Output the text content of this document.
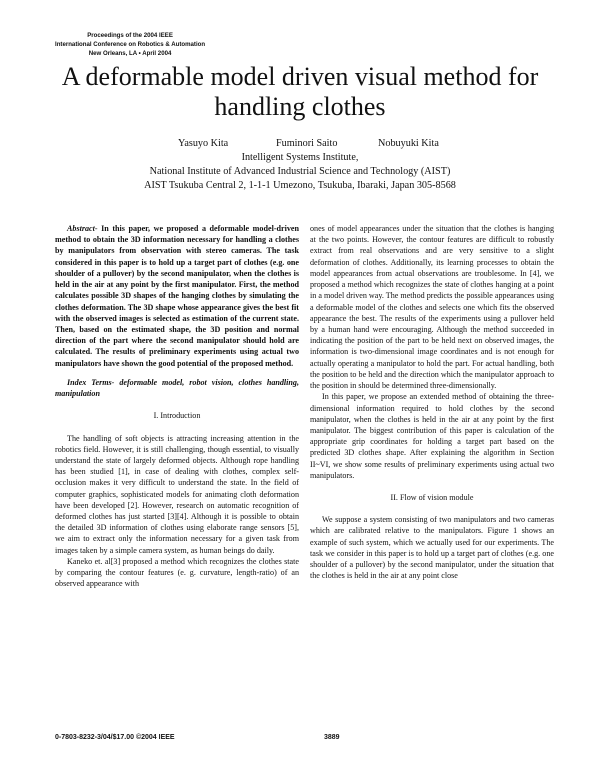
Proceedings of the 2004 IEEE
International Conference on Robotics & Automation
New Orleans, LA • April 2004
A deformable model driven visual method for
handling clothes
Yasuyo Kita	Fuminori Saito	Nobuyuki Kita
Intelligent Systems Institute,
National Institute of Advanced Industrial Science and Technology (AIST)
AIST Tsukuba Central 2, 1-1-1 Umezono, Tsukuba, Ibaraki, Japan 305-8568

Abstract- In this paper, we proposed a deformable model-driven method to obtain the 3D information necessary for handling a clothes by manipulators from observation with stereo cameras. The task considered in this paper is to hold up a target part of clothes (e.g. one shoulder of a pullover) by the second manipulator, when the clothes is held in the air at any point by the first manipulator. First, the method calculates possible 3D shapes of the hanging clothes by simulating the clothes deformation. The 3D shape whose appearance gives the best fit with the observed images is selected as estimation of the current state. Then, based on the estimated shape, the 3D position and normal direction of the part where the second manipulator should hold are calculated. The results of preliminary experiments using actual two manipulators have shown the good potential of the proposed method.

Index Terms- deformable model, robot vision, clothes handling, manipulation

I. Introduction

The handling of soft objects is attracting increasing attention in the robotics field. However, it is still challenging, though essential, to visually understand the state of largely deformed objects. Although rope handling has been studied [1], in case of dealing with clothes, complex self-occlusion makes it very difficult to understand the state. In the field of computer graphics, sophisticated models for animating cloth deformation have been developed [2]. However, research on automatic recognition of deformed clothes has just started [3][4]. Although it is possible to obtain the detailed 3D information of clothes using elaborate range sensors [5], we aim to extract only the information necessary for a given task from images taken by a simple camera system, as human beings do daily.

Kaneko et. al[3] proposed a method which recognizes the clothes state by comparing the contour features (e. g. curvature, length-ratio) of an observed appearance with

ones of model appearances under the situation that the clothes is hanging at the two points. However, the contour features are difficult to robustly extract from real observations and are very sensitive to a slight deformation of clothes. Additionally, its learning processes to obtain the model appearances from actual observations are troublesome. In [4], we proposed a method which recognizes the state of clothes hanging at a point in a model driven way. The method predicts the possible appearances using a deformable model of the clothes and selects one which fits the observed appearance the best. The results of the experiments using a pullover held by a human hand were encouraging. Although the method succeeded in indicating the position of the part to be held next on observed images, the information is two-dimensional image coordinates and is not enough for actually operating a manipulator to hold the part. For actual handling, both the position to be held and the direction which the manipulator approach to the position in should be determined three-dimensionally.

In this paper, we propose an extended method of obtaining the three-dimensional information required to hold clothes by the second manipulator, when the clothes is held in the air at any point by the first manipulator. The biggest contribution of this paper is calculation of the appropriate grip coordinates for holding a target part based on the predicted 3D clothes shape. After explaining the algorithm in Section II~VI, we show some results of preliminary experiments using actual two manipulators.

II. Flow of vision module

We suppose a system consisting of two manipulators and two cameras which are calibrated relative to the manipulators. Figure 1 shows an example of such system, which we actually used for our experiments. The task we consider in this paper is to hold up a target part of clothes (e.g. one shoulder of a pullover) by the second manipulator, under the situation that the clothes is held in the air at any point close

0-7803-8232-3/04/$17.00 ©2004 IEEE	3889
